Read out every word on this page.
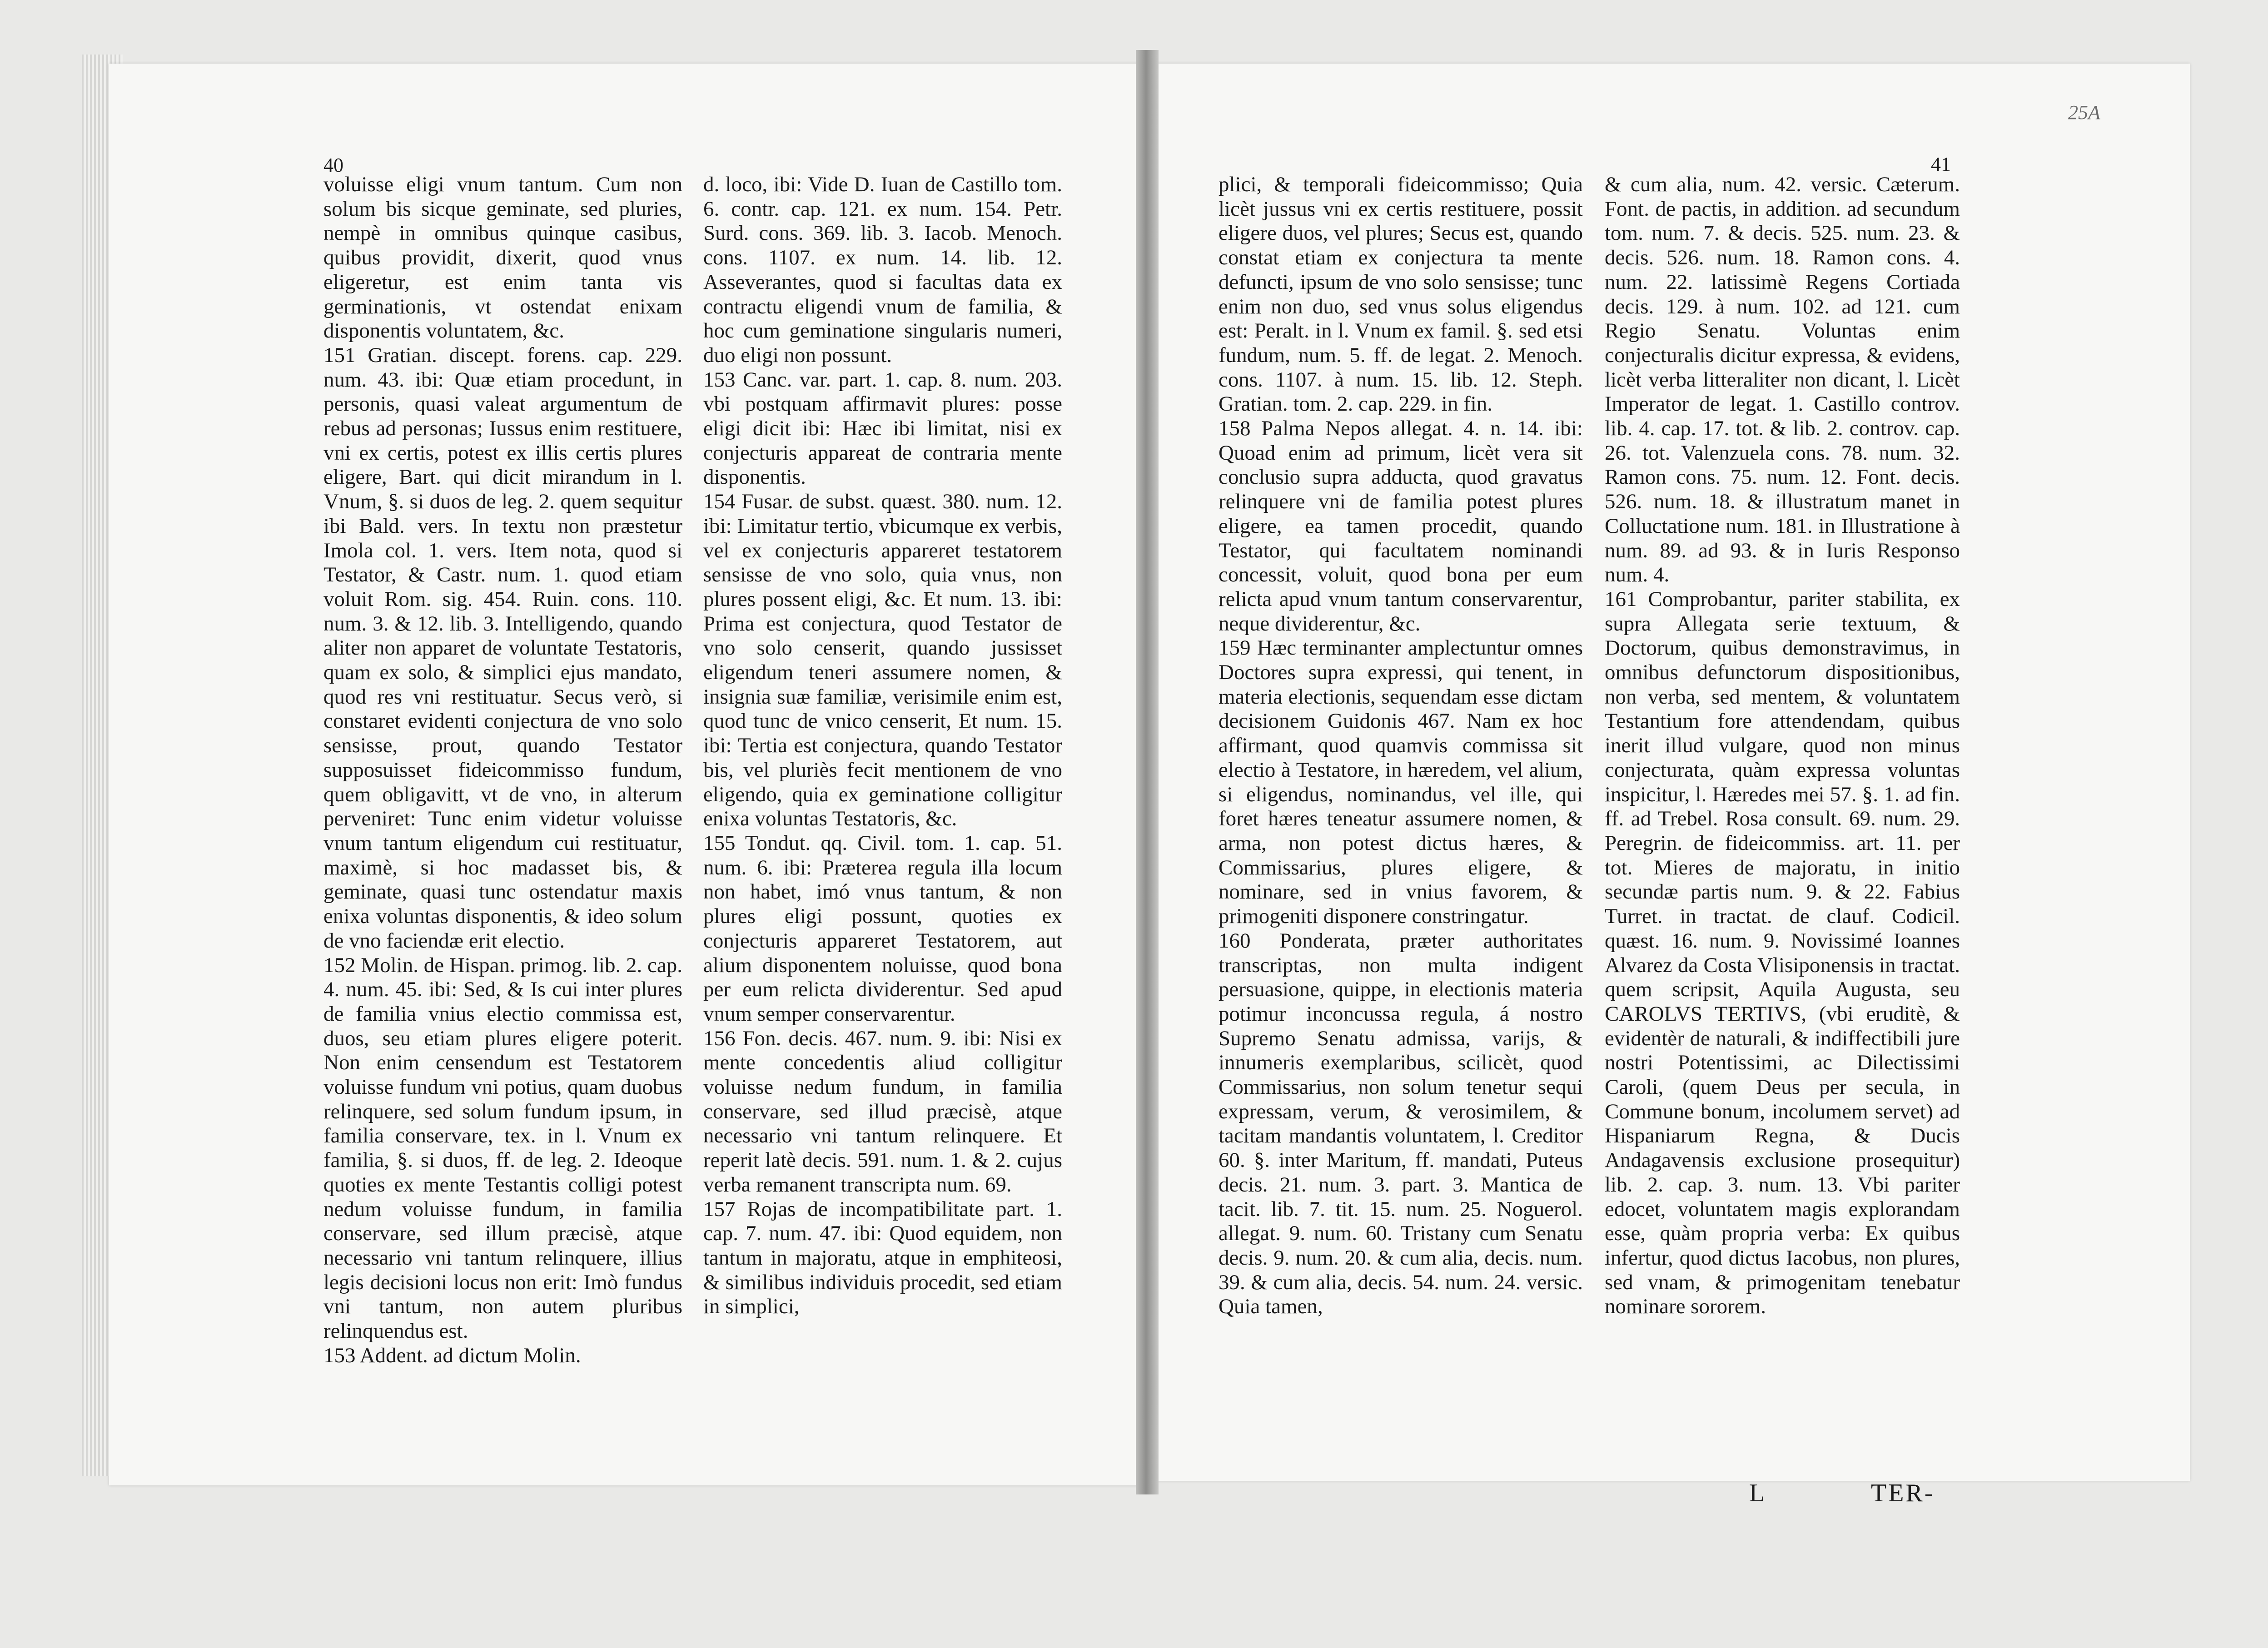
40

voluisse eligi vnum tantum. Cum non solum bis sicque geminate, sed pluries, nempè in omnibus quinque casibus, quibus providit, dixerit, quod vnus eligeretur, est enim tanta vis germinationis, vt ostendat enixam disponentis voluntatem, &c.

151 Gratian. discept. forens. cap. 229. num. 43. ibi: Quæ etiam procedunt, in personis, quasi valeat argumentum de rebus ad personas; Iussus enim restituere, vni ex certis, potest ex illis certis plures eligere, Bart. qui dicit mirandum in l. Vnum, §. si duos de leg. 2. quem sequitur ibi Bald. vers. In textu non præstetur Imola col. 1. vers. Item nota, quod si Testator, & Castr. num. 1. quod etiam voluit Rom. sig. 454. Ruin. cons. 110. num. 3. & 12. lib. 3. Intelligendo, quando aliter non apparet de voluntate Testatoris, quam ex solo, & simplici ejus mandato, quod res vni restituatur. Secus verò, si constaret evidenti conjectura de vno solo sensisse, prout, quando Testator supposuisset fideicommisso fundum, quem obligavitt, vt de vno, in alterum perveniret: Tunc enim videtur voluisse vnum tantum eligendum cui restituatur, maximè, si hoc madasset bis, & geminate, quasi tunc ostendatur maxis enixa voluntas disponentis, & ideo solum de vno faciendæ erit electio.

152 Molin. de Hispan. primog. lib. 2. cap. 4. num. 45. ibi: Sed, & Is cui inter plures de familia vnius electio commissa est, duos, seu etiam plures eligere poterit. Non enim censendum est Testatorem voluisse fundum vni potius, quam duobus relinquere, sed solum fundum ipsum, in familia conservare, tex. in l. Vnum ex familia, §. si duos, ff. de leg. 2. Ideoque quoties ex mente Testantis colligi potest nedum voluisse fundum, in familia conservare, sed illum præcisè, atque necessario vni tantum relinquere, illius legis decisioni locus non erit: Imò fundus vni tantum, non autem pluribus relinquendus est.

153 Addent. ad dictum Molin.

d. loco, ibi: Vide D. Iuan de Castillo tom. 6. contr. cap. 121. ex num. 154. Petr. Surd. cons. 369. lib. 3. Iacob. Menoch. cons. 1107. ex num. 14. lib. 12. Asseverantes, quod si facultas data ex contractu eligendi vnum de familia, & hoc cum geminatione singularis numeri, duo eligi non possunt.

153 Canc. var. part. 1. cap. 8. num. 203. vbi postquam affirmavit plures: posse eligi dicit ibi: Hæc ibi limitat, nisi ex conjecturis appareat de contraria mente disponentis.

154 Fusar. de subst. quæst. 380. num. 12. ibi: Limitatur tertio, vbicumque ex verbis, vel ex conjecturis appareret testatorem sensisse de vno solo, quia vnus, non plures possent eligi, &c. Et num. 13. ibi: Prima est conjectura, quod Testator de vno solo censerit, quando jussisset eligendum teneri assumere nomen, & insignia suæ familiæ, verisimile enim est, quod tunc de vnico censerit, Et num. 15. ibi: Tertia est conjectura, quando Testator bis, vel pluriès fecit mentionem de vno eligendo, quia ex geminatione colligitur enixa voluntas Testatoris, &c.

155 Tondut. qq. Civil. tom. 1. cap. 51. num. 6. ibi: Præterea regula illa locum non habet, imó vnus tantum, & non plures eligi possunt, quoties ex conjecturis appareret Testatorem, aut alium disponentem noluisse, quod bona per eum relicta dividerentur. Sed apud vnum semper conservarentur.

156 Fon. decis. 467. num. 9. ibi: Nisi ex mente concedentis aliud colligitur voluisse nedum fundum, in familia conservare, sed illud præcisè, atque necessario vni tantum relinquere. Et reperit latè decis. 591. num. 1. & 2. cujus verba remanent transcripta num. 69.

157 Rojas de incompatibilitate part. 1. cap. 7. num. 47. ibi: Quod equidem, non tantum in majoratu, atque in emphiteosi, & similibus individuis procedit, sed etiam in simplici,

25A
41

plici, & temporali fideicommisso; Quia licèt jussus vni ex certis restituere, possit eligere duos, vel plures; Secus est, quando constat etiam ex conjectura ta mente defuncti, ipsum de vno solo sensisse; tunc enim non duo, sed vnus solus eligendus est: Peralt. in l. Vnum ex famil. §. sed etsi fundum, num. 5. ff. de legat. 2. Menoch. cons. 1107. à num. 15. lib. 12. Steph. Gratian. tom. 2. cap. 229. in fin.

158 Palma Nepos allegat. 4. n. 14. ibi: Quoad enim ad primum, licèt vera sit conclusio supra adducta, quod gravatus relinquere vni de familia potest plures eligere, ea tamen procedit, quando Testator, qui facultatem nominandi concessit, voluit, quod bona per eum relicta apud vnum tantum conservarentur, neque dividerentur, &c.

159 Hæc terminanter amplectuntur omnes Doctores supra expressi, qui tenent, in materia electionis, sequendam esse dictam decisionem Guidonis 467. Nam ex hoc affirmant, quod quamvis commissa sit electio à Testatore, in hæredem, vel alium, si eligendus, nominandus, vel ille, qui foret hæres teneatur assumere nomen, & arma, non potest dictus hæres, & Commissarius, plures eligere, & nominare, sed in vnius favorem, & primogeniti disponere constringatur.

160 Ponderata, præter authoritates transcriptas, non multa indigent persuasione, quippe, in electionis materia potimur inconcussa regula, á nostro Supremo Senatu admissa, varijs, & innumeris exemplaribus, scilicèt, quod Commissarius, non solum tenetur sequi expressam, verum, & verosimilem, & tacitam mandantis voluntatem, l. Creditor 60. §. inter Maritum, ff. mandati, Puteus decis. 21. num. 3. part. 3. Mantica de tacit. lib. 7. tit. 15. num. 25. Noguerol. allegat. 9. num. 60. Tristany cum Senatu decis. 9. num. 20. & cum alia, decis. num. 39. & cum alia, decis. 54. num. 24. versic. Quia tamen,

& cum alia, num. 42. versic. Cæterum. Font. de pactis, in addition. ad secundum tom. num. 7. & decis. 525. num. 23. & decis. 526. num. 18. Ramon cons. 4. num. 22. latissimè Regens Cortiada decis. 129. à num. 102. ad 121. cum Regio Senatu. Voluntas enim conjecturalis dicitur expressa, & evidens, licèt verba litteraliter non dicant, l. Licèt Imperator de legat. 1. Castillo controv. lib. 4. cap. 17. tot. & lib. 2. controv. cap. 26. tot. Valenzuela cons. 78. num. 32. Ramon cons. 75. num. 12. Font. decis. 526. num. 18. & illustratum manet in Colluctatione num. 181. in Illustratione à num. 89. ad 93. & in Iuris Responso num. 4.

161 Comprobantur, pariter stabilita, ex supra Allegata serie textuum, & Doctorum, quibus demonstravimus, in omnibus defunctorum dispositionibus, non verba, sed mentem, & voluntatem Testantium fore attendendam, quibus inerit illud vulgare, quod non minus conjecturata, quàm expressa voluntas inspicitur, l. Hæredes mei 57. §. 1. ad fin. ff. ad Trebel. Rosa consult. 69. num. 29. Peregrin. de fideicommiss. art. 11. per tot. Mieres de majoratu, in initio secundæ partis num. 9. & 22. Fabius Turret. in tractat. de clauf. Codicil. quæst. 16. num. 9. Novissimé Ioannes Alvarez da Costa Vlisiponensis in tractat. quem scripsit, Aquila Augusta, seu CAROLVS TERTIVS, (vbi eruditè, & evidentèr de naturali, & indiffectibili jure nostri Potentissimi, ac Dilectissimi Caroli, (quem Deus per secula, in Commune bonum, incolumem servet) ad Hispaniarum Regna, & Ducis Andagavensis exclusione prosequitur) lib. 2. cap. 3. num. 13. Vbi pariter edocet, voluntatem magis explorandam esse, quàm propria verba: Ex quibus infertur, quod dictus Iacobus, non plures, sed vnam, & primogenitam tenebatur nominare sororem.

L	TER-
